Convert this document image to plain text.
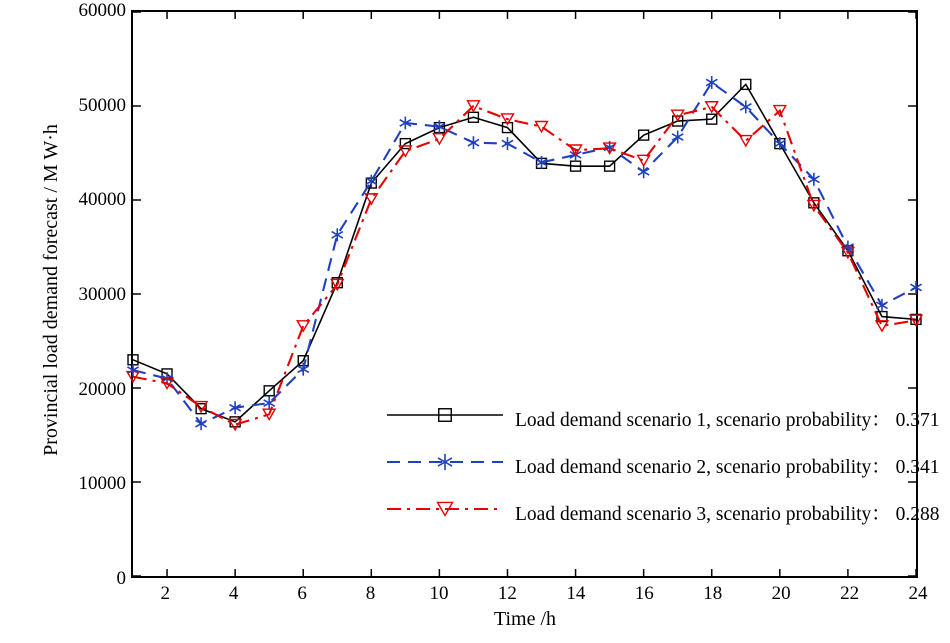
Provincial load demand forecast / M W·h
60000
50000
40000
30000
20000
10000
0
2	4	6	8	10	12	14	16	18	20	22	24
Time /h
Load demand scenario 1, scenario probability： 0.371
Load demand scenario 2, scenario probability： 0.341
Load demand scenario 3, scenario probability： 0.288
